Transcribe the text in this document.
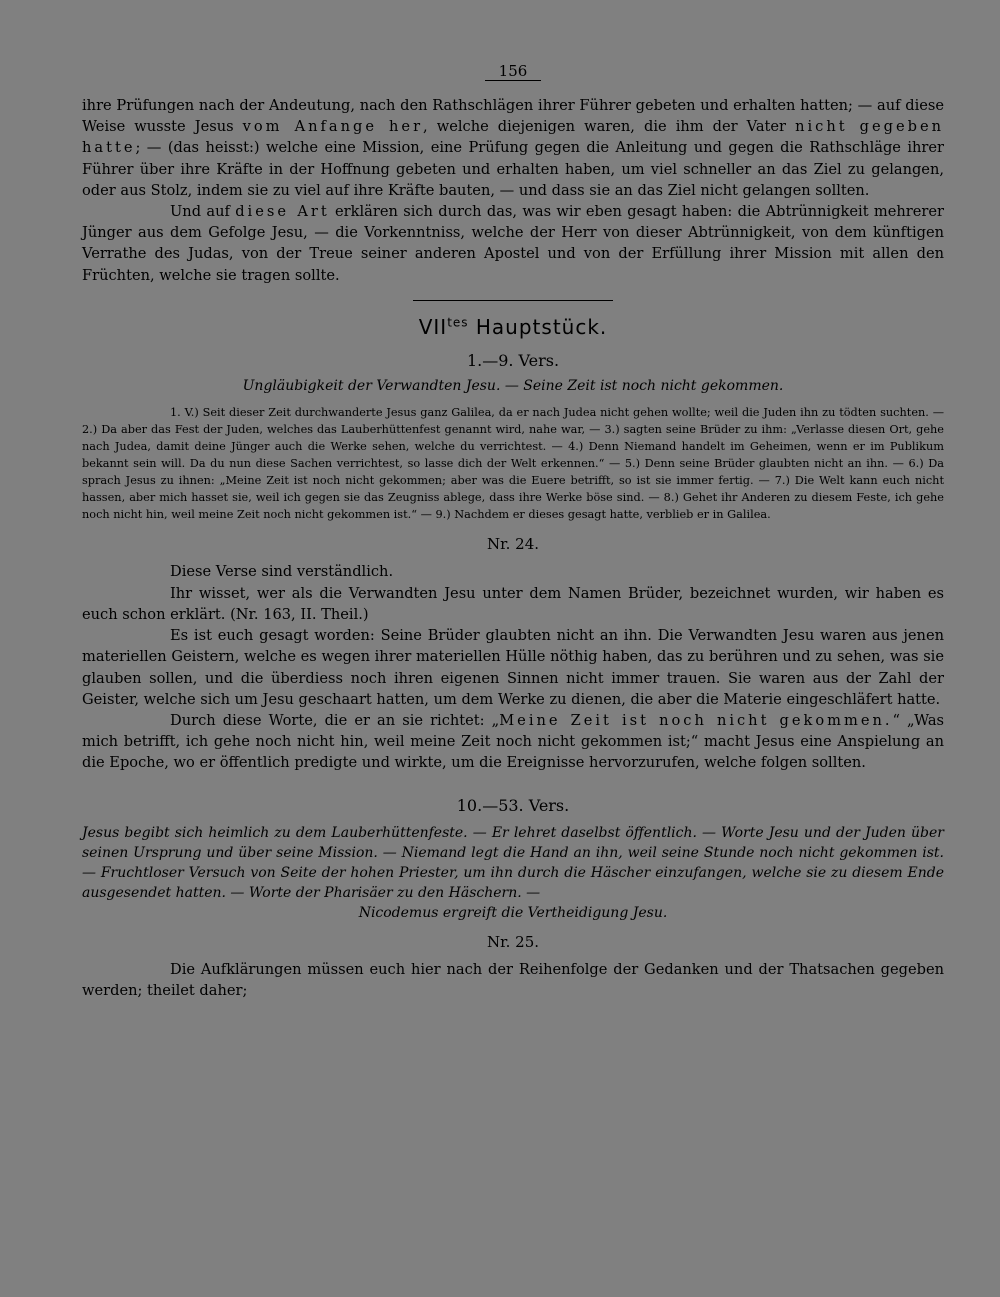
156

ihre Prüfungen nach der Andeutung, nach den Rathschlägen ihrer Führer gebeten und erhalten hatten; — auf diese Weise wusste Jesus vom Anfange her, welche diejenigen waren, die ihm der Vater nicht gegeben hatte; — (das heisst:) welche eine Mission, eine Prüfung gegen die Anleitung und gegen die Rathschläge ihrer Führer über ihre Kräfte in der Hoffnung gebeten und erhalten haben, um viel schneller an das Ziel zu gelangen, oder aus Stolz, indem sie zu viel auf ihre Kräfte bauten, — und dass sie an das Ziel nicht gelangen sollten.

Und auf diese Art erklären sich durch das, was wir eben gesagt haben: die Abtrünnigkeit mehrerer Jünger aus dem Gefolge Jesu, — die Vorkenntniss, welche der Herr von dieser Abtrünnigkeit, von dem künftigen Verrathe des Judas, von der Treue seiner anderen Apostel und von der Erfüllung ihrer Mission mit allen den Früchten, welche sie tragen sollte.

$VII^{tes}$ Hauptstück.
1.—9. Vers.
Ungläubigkeit der Verwandten Jesu. — Seine Zeit ist noch nicht gekommen.

1. V.) Seit dieser Zeit durchwanderte Jesus ganz Galilea, da er nach Judea nicht gehen wollte; weil die Juden ihn zu tödten suchten. — 2.) Da aber das Fest der Juden, welches das Lauberhüttenfest genannt wird, nahe war, — 3.) sagten seine Brüder zu ihm: „Verlasse diesen Ort, gehe nach Judea, damit deine Jünger auch die Werke sehen, welche du verrichtest. — 4.) Denn Niemand handelt im Geheimen, wenn er im Publikum bekannt sein will. Da du nun diese Sachen verrichtest, so lasse dich der Welt erkennen.“ — 5.) Denn seine Brüder glaubten nicht an ihn. — 6.) Da sprach Jesus zu ihnen: „Meine Zeit ist noch nicht gekommen; aber was die Euere betrifft, so ist sie immer fertig. — 7.) Die Welt kann euch nicht hassen, aber mich hasset sie, weil ich gegen sie das Zeugniss ablege, dass ihre Werke böse sind. — 8.) Gehet ihr Anderen zu diesem Feste, ich gehe noch nicht hin, weil meine Zeit noch nicht gekommen ist.“ — 9.) Nachdem er dieses gesagt hatte, verblieb er in Galilea.

Nr. 24.

Diese Verse sind verständlich.

Ihr wisset, wer als die Verwandten Jesu unter dem Namen Brüder, bezeichnet wurden, wir haben es euch schon erklärt. (Nr. 163, II. Theil.)

Es ist euch gesagt worden: Seine Brüder glaubten nicht an ihn. Die Verwandten Jesu waren aus jenen materiellen Geistern, welche es wegen ihrer materiellen Hülle nöthig haben, das zu berühren und zu sehen, was sie glauben sollen, und die überdiess noch ihren eigenen Sinnen nicht immer trauen. Sie waren aus der Zahl der Geister, welche sich um Jesu geschaart hatten, um dem Werke zu dienen, die aber die Materie eingeschläfert hatte.

Durch diese Worte, die er an sie richtet: „Meine Zeit ist noch nicht gekommen.“ „Was mich betrifft, ich gehe noch nicht hin, weil meine Zeit noch nicht gekommen ist;“ macht Jesus eine Anspielung an die Epoche, wo er öffentlich predigte und wirkte, um die Ereignisse hervorzurufen, welche folgen sollten.

10.—53. Vers.

Jesus begibt sich heimlich zu dem Lauberhüttenfeste. — Er lehret daselbst öffentlich. — Worte Jesu und der Juden über seinen Ursprung und über seine Mission. — Niemand legt die Hand an ihn, weil seine Stunde noch nicht gekommen ist. — Fruchtloser Versuch von Seite der hohen Priester, um ihn durch die Häscher einzufangen, welche sie zu diesem Ende ausgesendet hatten. — Worte der Pharisäer zu den Häschern. —

Nicodemus ergreift die Vertheidigung Jesu.

Nr. 25.

Die Aufklärungen müssen euch hier nach der Reihenfolge der Gedanken und der Thatsachen gegeben werden; theilet daher;
